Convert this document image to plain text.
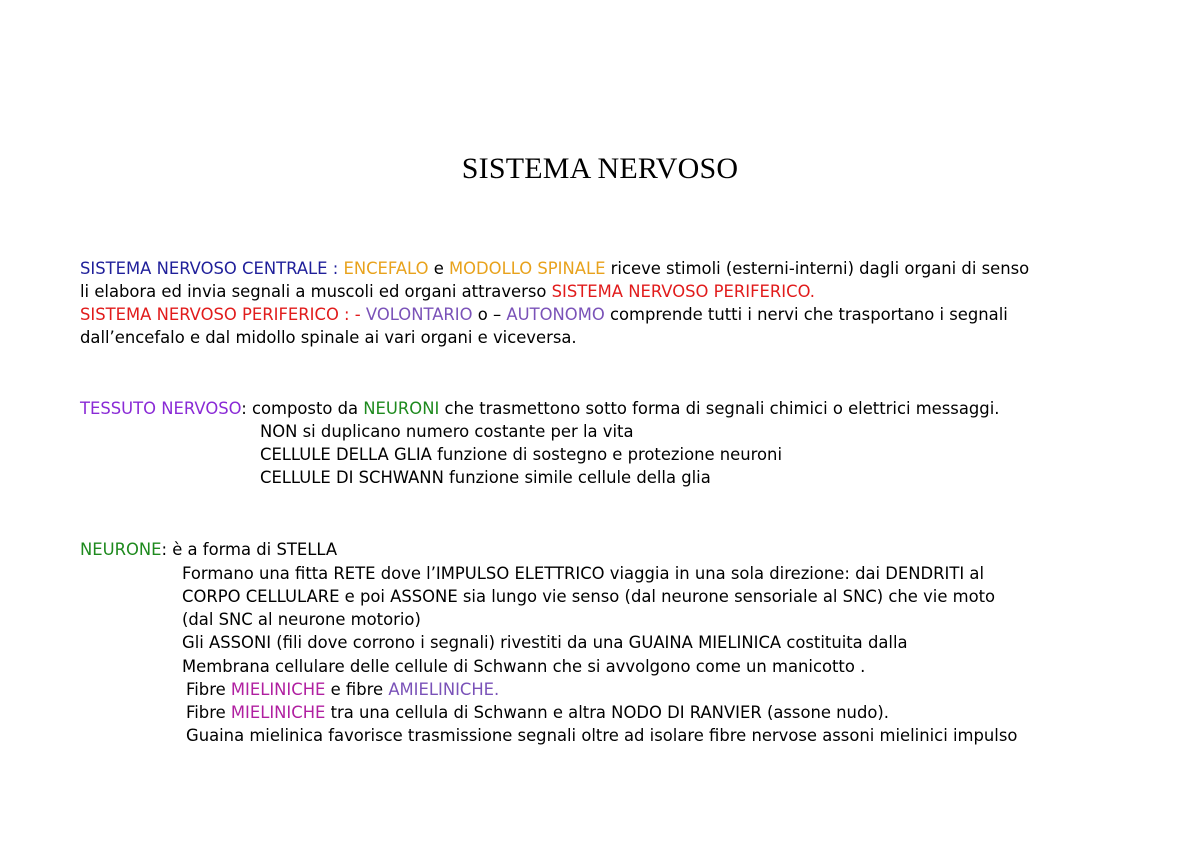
SISTEMA NERVOSO
SISTEMA NERVOSO CENTRALE : ENCEFALO e MODOLLO SPINALE riceve stimoli (esterni-interni) dagli organi di senso
li elabora ed invia segnali a muscoli ed organi attraverso SISTEMA NERVOSO PERIFERICO.
SISTEMA NERVOSO PERIFERICO : - VOLONTARIO o – AUTONOMO comprende tutti i nervi che trasportano i segnali
dall’encefalo e dal midollo spinale ai vari organi e viceversa.
TESSUTO NERVOSO: composto da NEURONI che trasmettono sotto forma di segnali chimici o elettrici messaggi.
NON si duplicano numero costante per la vita
CELLULE DELLA GLIA funzione di sostegno e protezione neuroni
CELLULE DI SCHWANN funzione simile cellule della glia
NEURONE: è a forma di STELLA
Formano una fitta RETE dove l’IMPULSO ELETTRICO viaggia in una sola direzione: dai DENDRITI al
CORPO CELLULARE e poi ASSONE sia lungo vie senso (dal neurone sensoriale al SNC) che vie moto
(dal SNC al neurone motorio)
Gli ASSONI (fili dove corrono i segnali) rivestiti da una GUAINA MIELINICA costituita dalla
Membrana cellulare delle cellule di Schwann che si avvolgono come un manicotto .
Fibre MIELINICHE e fibre AMIELINICHE.
Fibre MIELINICHE tra una cellula di Schwann e altra NODO DI RANVIER (assone nudo).
Guaina mielinica favorisce trasmissione segnali oltre ad isolare fibre nervose assoni mielinici impulso
